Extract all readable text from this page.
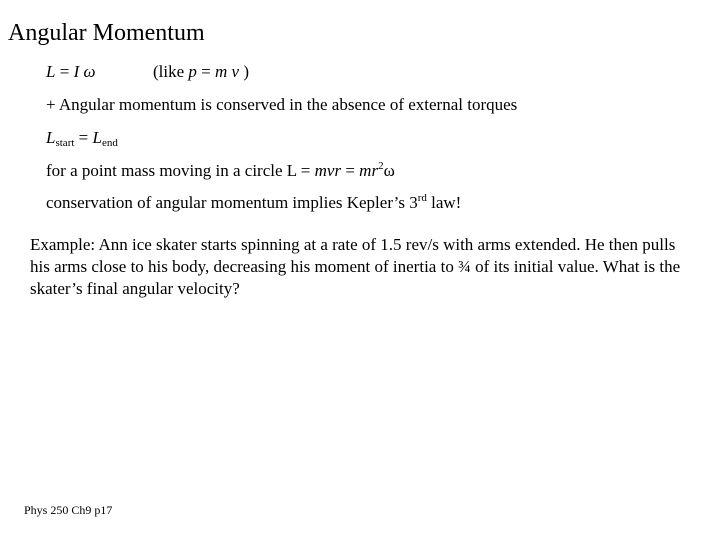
Angular Momentum
L = I ω	(like p = m v )
+ Angular momentum is conserved in the absence of external torques
$L_{start} = L_{end}$
for a point mass moving in a circle L = mvr = $mr^2\omega$
conservation of angular momentum implies Kepler’s 3rd law!
Example: Ann ice skater starts spinning at a rate of 1.5 rev/s with arms extended. He then pulls his arms close to his body, decreasing his moment of inertia to ¾ of its initial value. What is the skater’s final angular velocity?
Phys 250 Ch9 p17
